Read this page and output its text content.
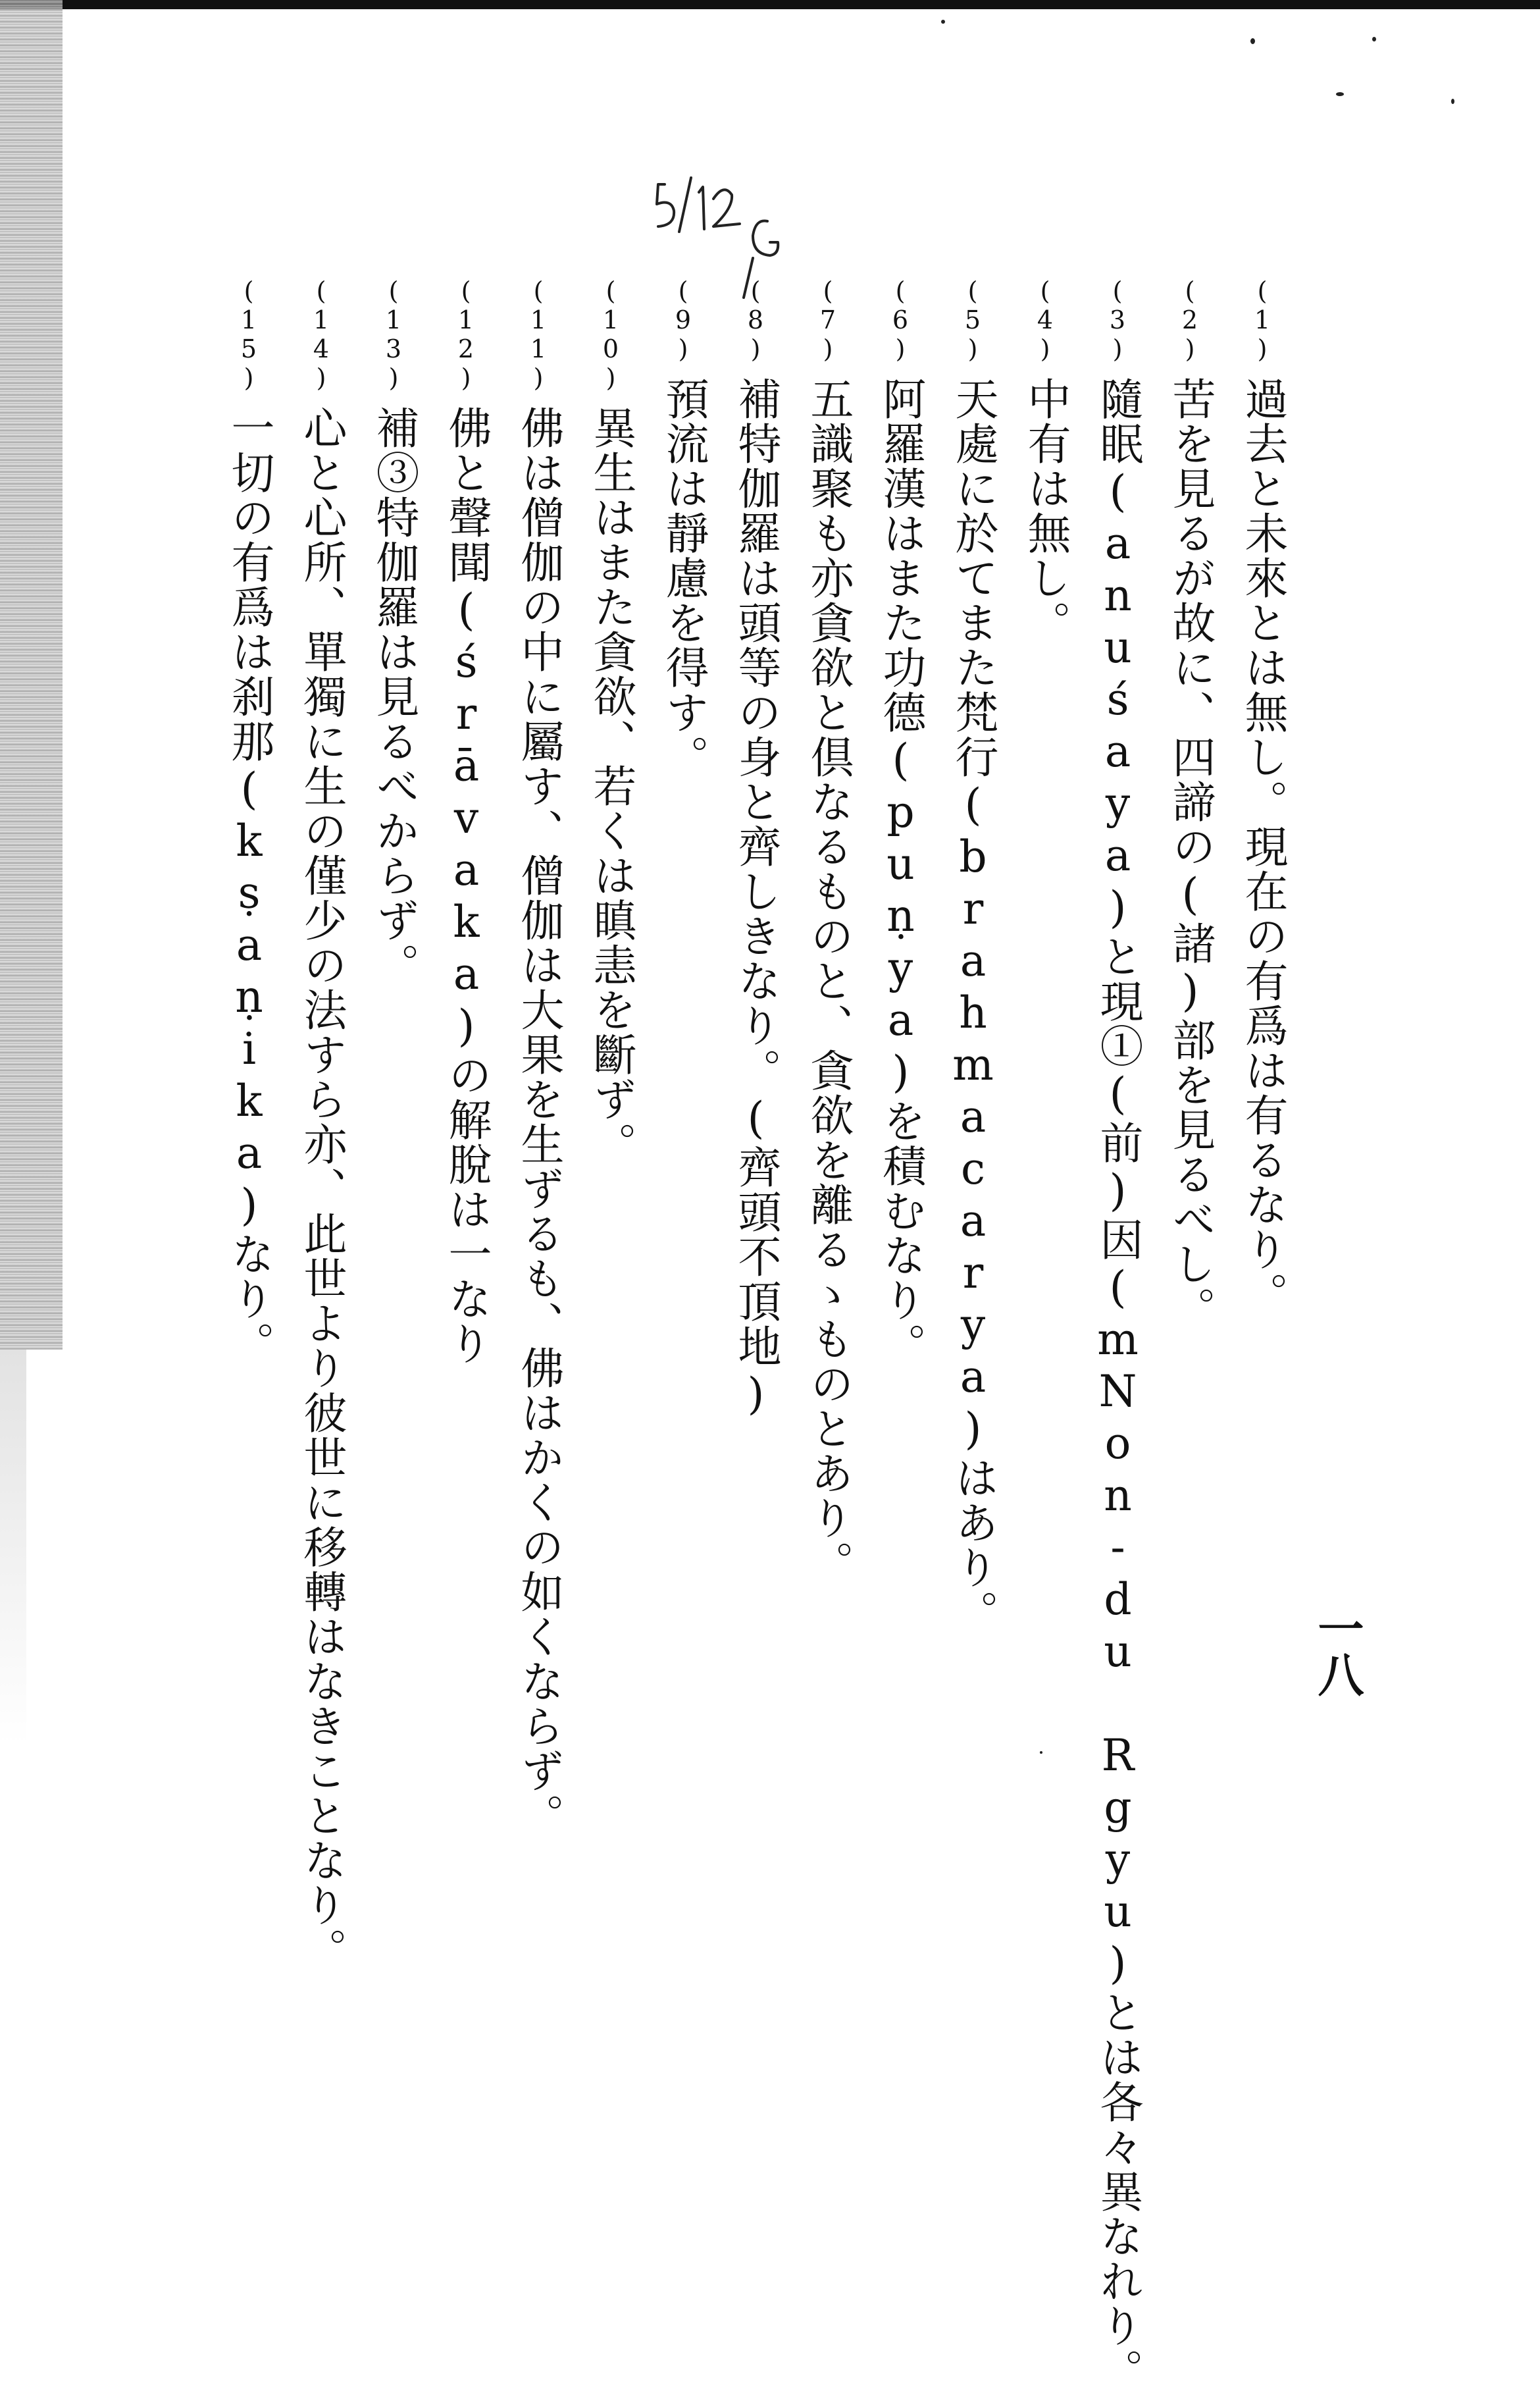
(1)過去と未來とは無し。現在の有爲は有るなり。
(2)苦を見るが故に、四諦の(諸)部を見るべし。
(3)隨眠(anuśaya)と現①(前)因(mNon-du Rgyu)とは各々異なれり。
(4)中有は無し。
(5)天處に於てまた梵行(brahmacarya)はあり。
(6)阿羅漢はまた功德(puṇya)を積むなり。
(7)五識聚も亦貪欲と倶なるものと、貪欲を離るゝものとあり。
(8)補特伽羅は頭等の身と齊しきなり。(齊頭不頂地)
(9)預流は靜慮を得す。
(10)異生はまた貪欲、若くは瞋恚を斷ず。
(11)佛は僧伽の中に屬す、僧伽は大果を生ずるも、佛はかくの如くならず。
(12)佛と聲聞(śrāvaka)の解脫は一なり
(13)補③特伽羅は見るべからず。
(14)心と心所、單獨に生の僅少の法すら亦、此世より彼世に移轉はなきことなり。
(15)一切の有爲は刹那(kṣaṇika)なり。
一八
